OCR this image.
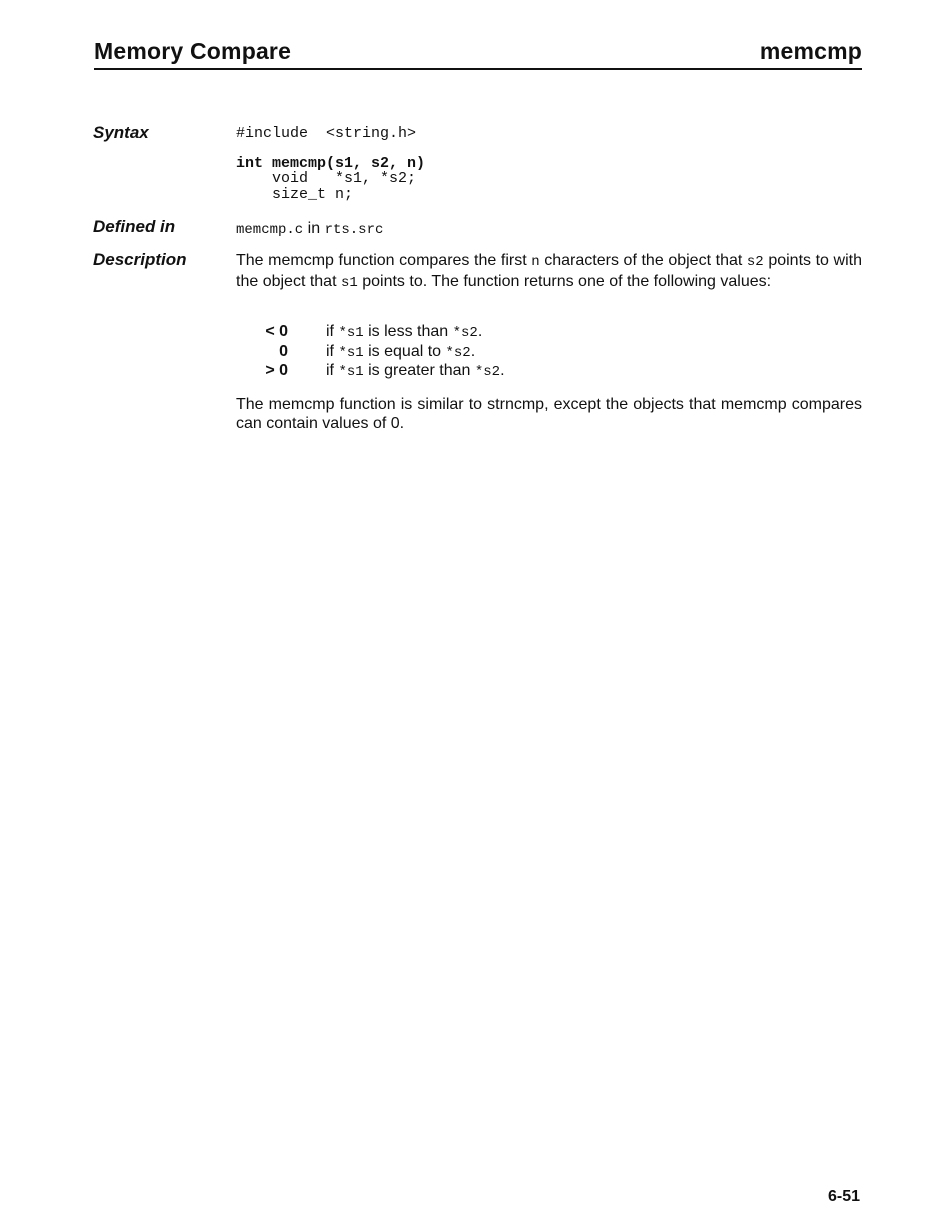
Memory Compare	memcmp
Syntax	#include  <string.h>
int memcmp(s1, s2, n)
void   *s1, *s2;
size_t n;
Defined in	memcmp.c in rts.src
Description	The memcmp function compares the first n characters of the object that s2 points to with the object that s1 points to. The function returns one of the following values:
< 0 if *s1 is less than *s2.
0 if *s1 is equal to *s2.
> 0 if *s1 is greater than *s2.
The memcmp function is similar to strncmp, except the objects that memcmp compares can contain values of 0.
6-51
